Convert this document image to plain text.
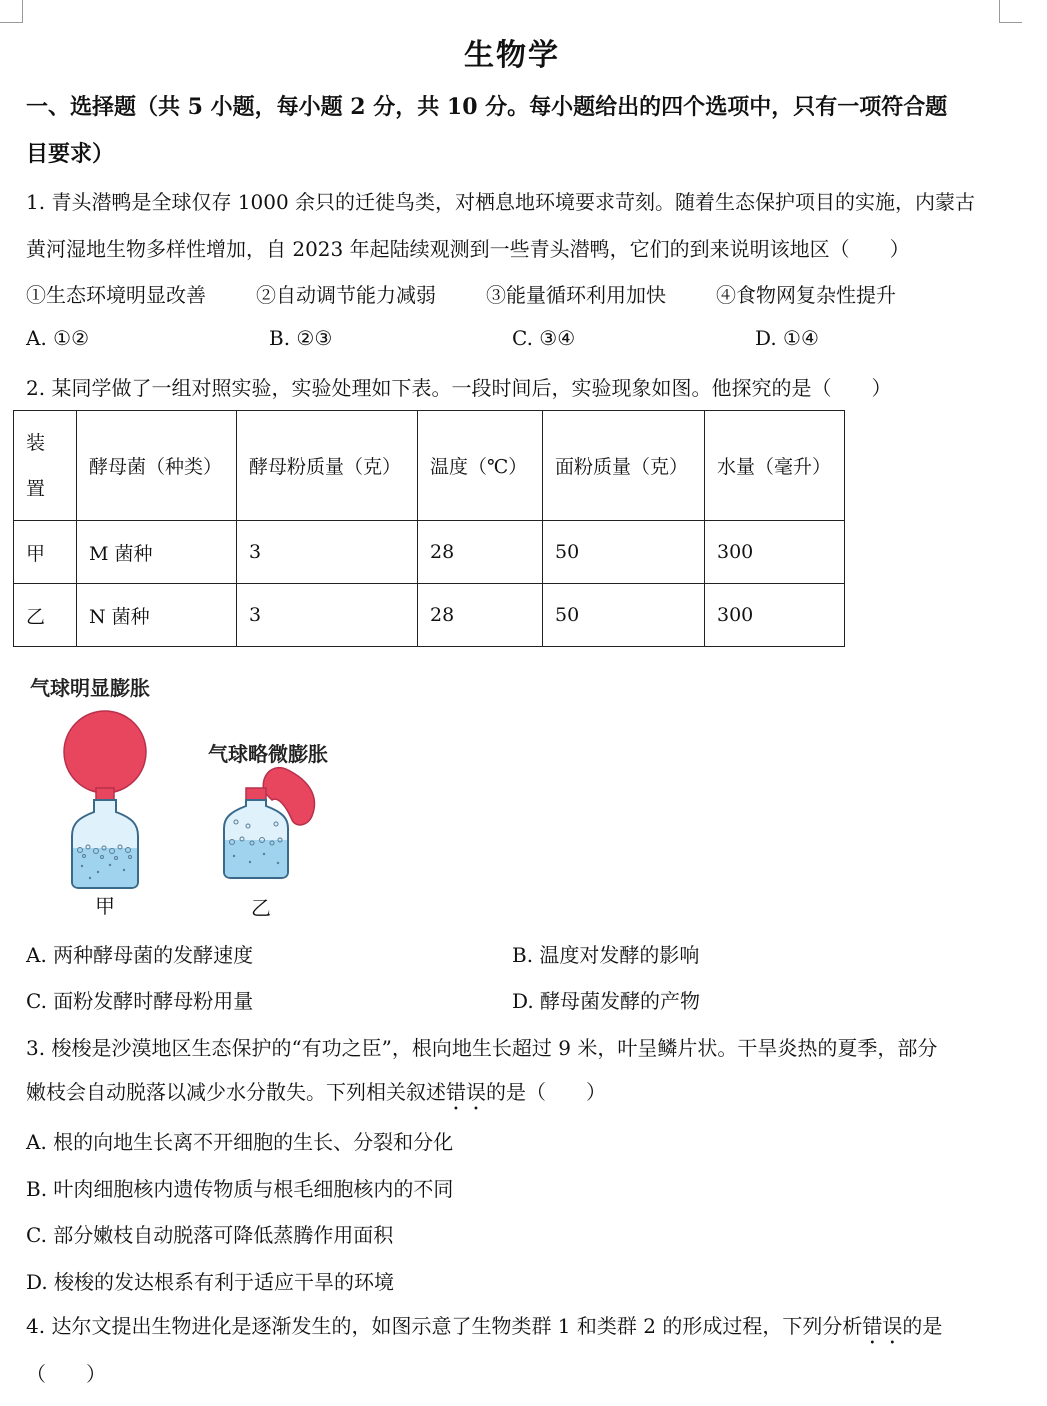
生物学
一、选择题（共 5 小题，每小题 2 分，共 10 分。每小题给出的四个选项中，只有一项符合题
目要求）
1. 青头潜鸭是全球仅存 1000 余只的迁徙鸟类，对栖息地环境要求苛刻。随着生态保护项目的实施，内蒙古
黄河湿地生物多样性增加，自 2023 年起陆续观测到一些青头潜鸭，它们的到来说明该地区（　　）
①生态环境明显改善	②自动调节能力减弱	③能量循环利用加快	④食物网复杂性提升
A. ①②	B. ②③	C. ③④	D. ①④
2. 某同学做了一组对照实验，实验处理如下表。一段时间后，实验现象如图。他探究的是（　　）
装
置	酵母菌（种类）	酵母粉质量（克）	温度（℃）	面粉质量（克）	水量（毫升）
甲	M 菌种	3	28	50	300
乙	N 菌种	3	28	50	300
气球明显膨胀
气球略微膨胀
甲	乙
A. 两种酵母菌的发酵速度	B. 温度对发酵的影响
C. 面粉发酵时酵母粉用量	D. 酵母菌发酵的产物
3. 梭梭是沙漠地区生态保护的“有功之臣”，根向地生长超过 9 米，叶呈鳞片状。干旱炎热的夏季，部分
嫩枝会自动脱落以减少水分散失。下列相关叙述错误的是（　　）
A. 根的向地生长离不开细胞的生长、分裂和分化
B. 叶肉细胞核内遗传物质与根毛细胞核内的不同
C. 部分嫩枝自动脱落可降低蒸腾作用面积
D. 梭梭的发达根系有利于适应干旱的环境
4. 达尔文提出生物进化是逐渐发生的，如图示意了生物类群 1 和类群 2 的形成过程，下列分析错误的是
（　　）
